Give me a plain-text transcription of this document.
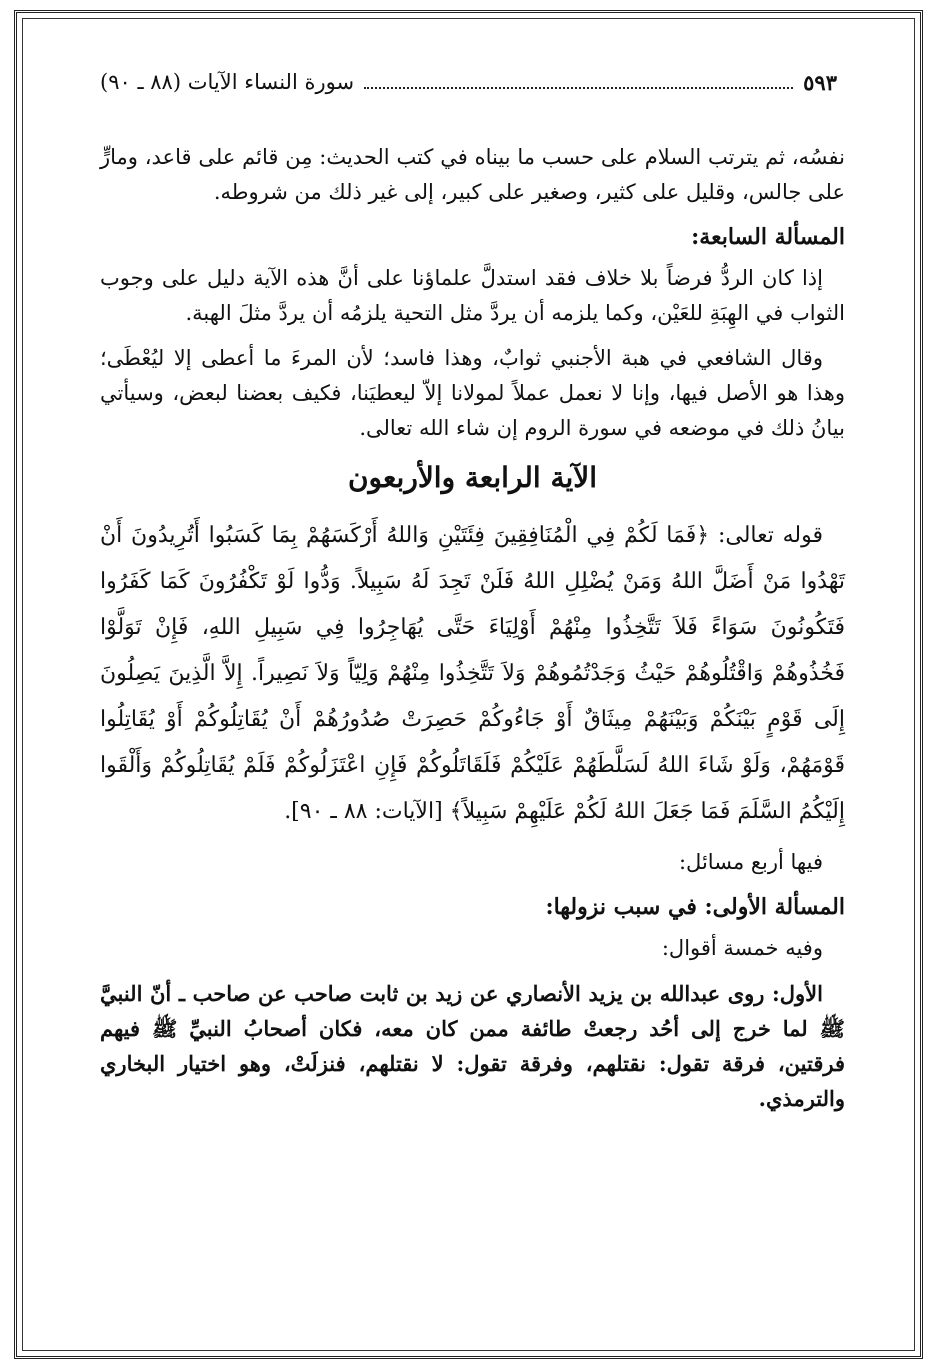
سورة النساء الآيات (٨٨ ـ ٩٠)	٥٩٣

نفسُه، ثم يترتب السلام على حسب ما بيناه في كتب الحديث: مِن قائم على قاعد، ومارٍّ على جالس، وقليل على كثير، وصغير على كبير، إلى غير ذلك من شروطه.

المسألة السابعة:

إذا كان الردُّ فرضاً بلا خلاف فقد استدلَّ علماؤنا على أنَّ هذه الآية دليل على وجوب الثواب في الهِبَةِ للعَيْن، وكما يلزمه أن يردَّ مثل التحية يلزمُه أن يردَّ مثلَ الهبة.

وقال الشافعي في هبة الأجنبي ثوابٌ، وهذا فاسد؛ لأن المرءَ ما أعطى إلا ليُعْطَى؛ وهذا هو الأصل فيها، وإنا لا نعمل عملاً لمولانا إلاّ ليعطيَنا، فكيف بعضنا لبعض، وسيأتي بيانُ ذلك في موضعه في سورة الروم إن شاء الله تعالى.

الآية الرابعة والأربعون

قوله تعالى: ﴿فَمَا لَكُمْ فِي الْمُنَافِقِينَ فِئَتَيْنِ وَاللهُ أَرْكَسَهُمْ بِمَا كَسَبُوا أَتُرِيدُونَ أَنْ تَهْدُوا مَنْ أَضَلَّ اللهُ وَمَنْ يُضْلِلِ اللهُ فَلَنْ تَجِدَ لَهُ سَبِيلاً. وَدُّوا لَوْ تَكْفُرُونَ كَمَا كَفَرُوا فَتَكُونُونَ سَوَاءً فَلاَ تَتَّخِذُوا مِنْهُمْ أَوْلِيَاءَ حَتَّى يُهَاجِرُوا فِي سَبِيلِ اللهِ، فَإِنْ تَوَلَّوْا فَخُذُوهُمْ وَاقْتُلُوهُمْ حَيْثُ وَجَدْتُمُوهُمْ وَلاَ تَتَّخِذُوا مِنْهُمْ وَلِيّاً وَلاَ نَصِيراً. إِلاَّ الَّذِينَ يَصِلُونَ إِلَى قَوْمٍ بَيْنَكُمْ وَبَيْنَهُمْ مِيثَاقٌ أَوْ جَاءُوكُمْ حَصِرَتْ صُدُورُهُمْ أَنْ يُقَاتِلُوكُمْ أَوْ يُقَاتِلُوا قَوْمَهُمْ، وَلَوْ شَاءَ اللهُ لَسَلَّطَهُمْ عَلَيْكُمْ فَلَقَاتَلُوكُمْ فَإِنِ اعْتَزَلُوكُمْ فَلَمْ يُقَاتِلُوكُمْ وَأَلْقَوا إِلَيْكُمُ السَّلَمَ فَمَا جَعَلَ اللهُ لَكُمْ عَلَيْهِمْ سَبِيلاً﴾ [الآيات: ٨٨ ـ ٩٠].

فيها أربع مسائل:

المسألة الأولى: في سبب نزولها:

وفيه خمسة أقوال:

الأول: روى عبدالله بن يزيد الأنصاري عن زيد بن ثابت صاحب عن صاحب ـ أنّ النبيَّ ﷺ لما خرج إلى أحُد رجعتْ طائفة ممن كان معه، فكان أصحابُ النبيِّ ﷺ فيهم فرقتين، فرقة تقول: نقتلهم، وفرقة تقول: لا نقتلهم، فنزلَتْ، وهو اختيار البخاري والترمذي.
